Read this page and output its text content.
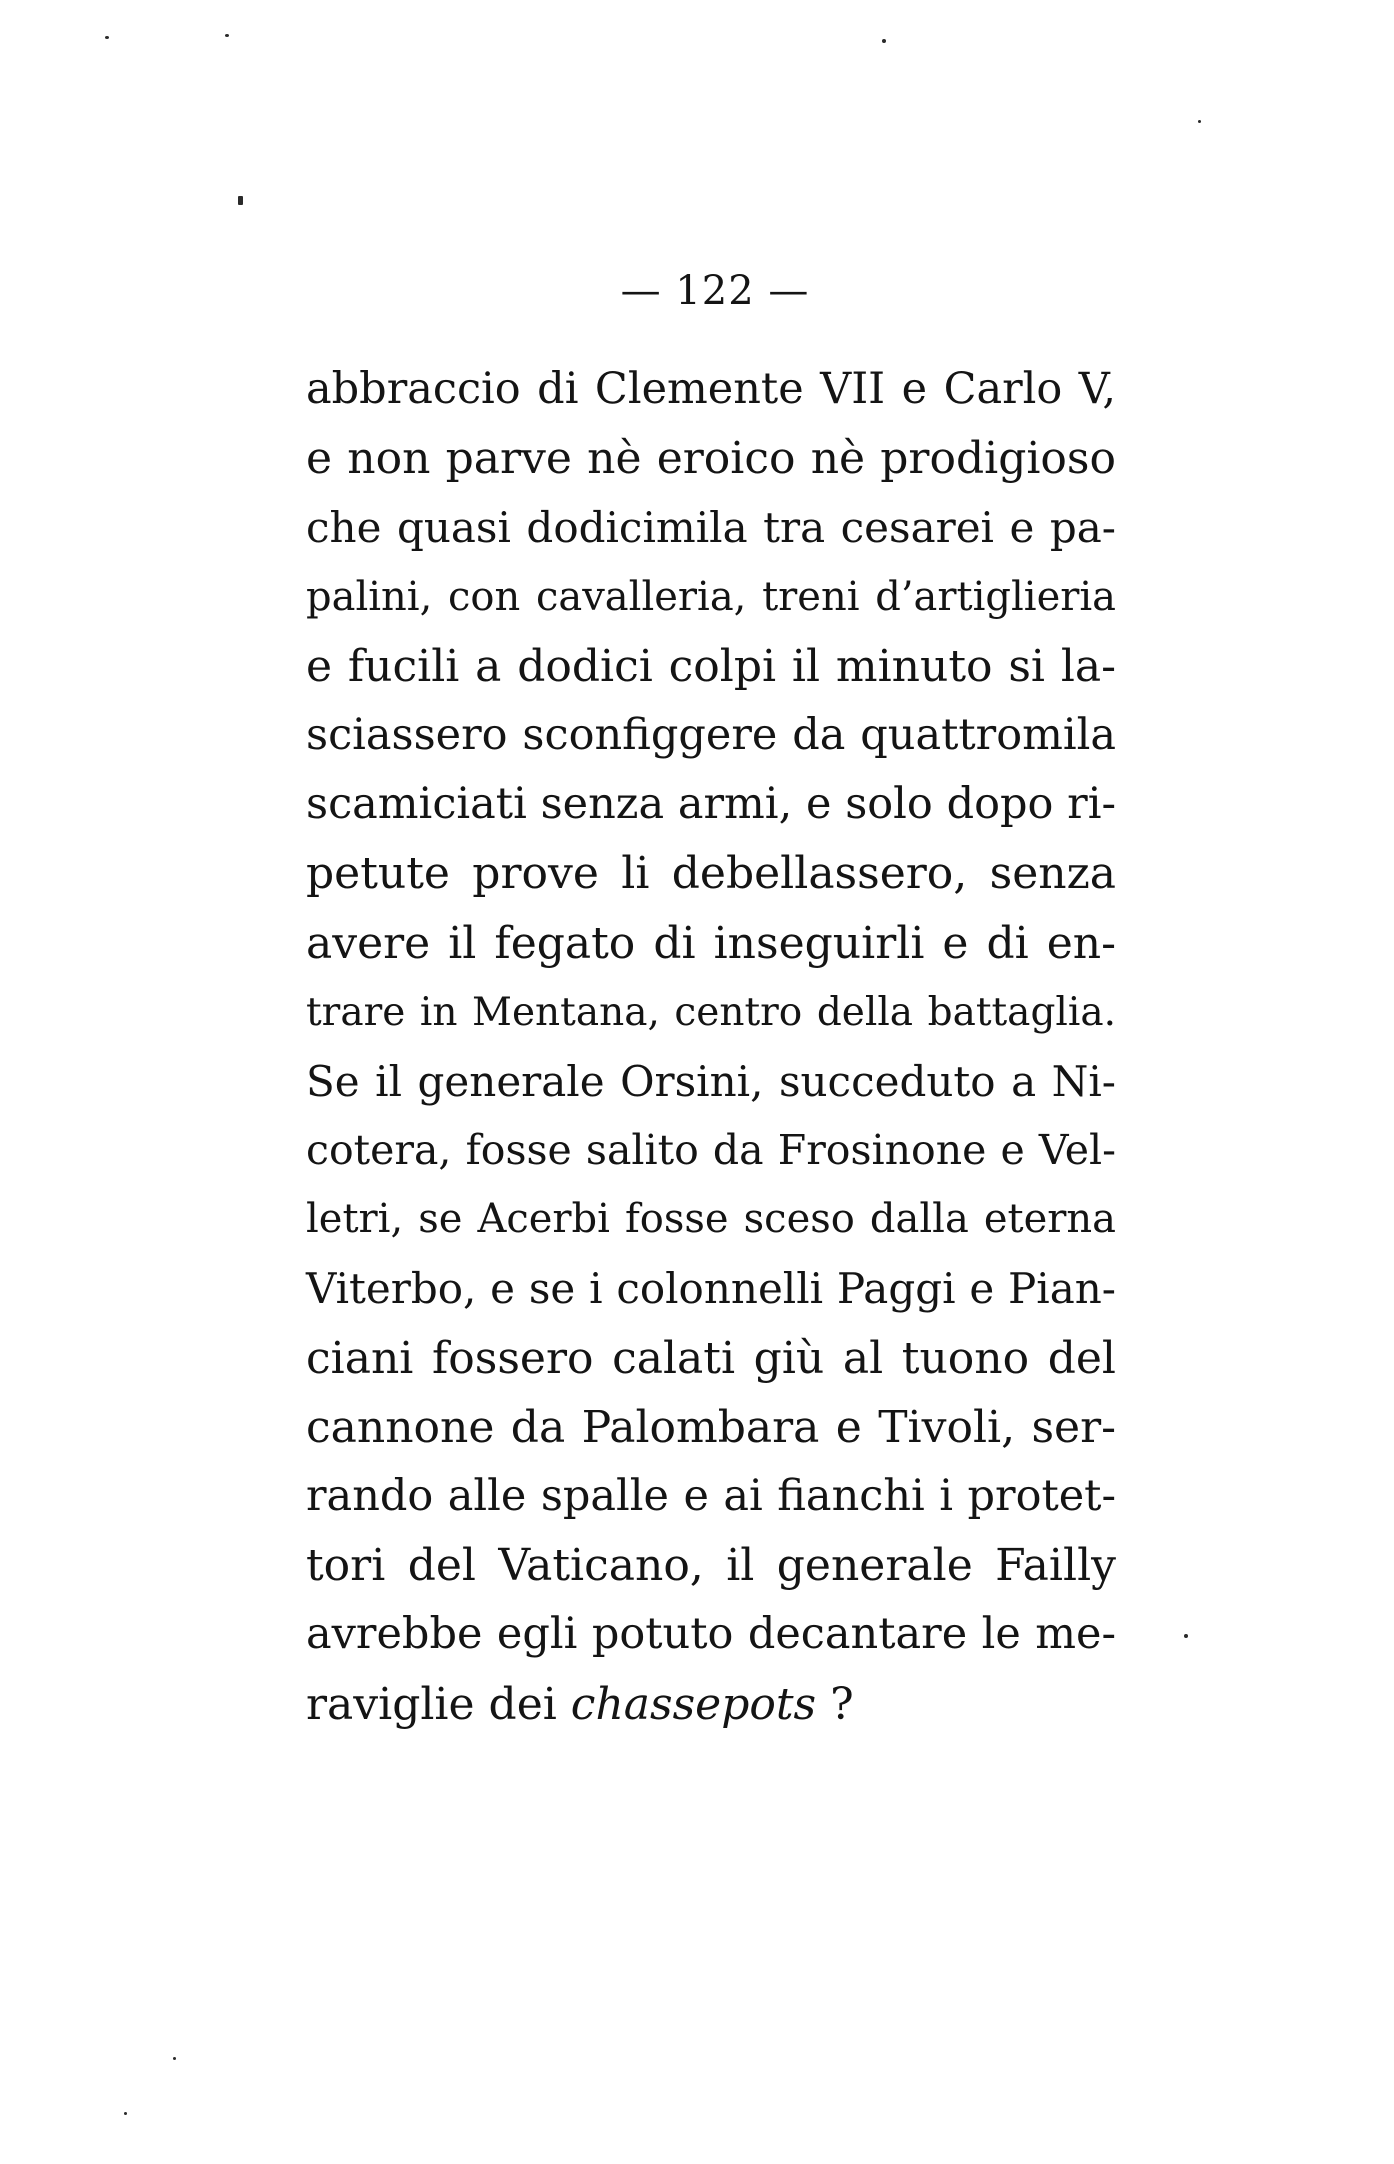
— 122 —
abbraccio di Clemente VII e Carlo V,
e non parve nè eroico nè prodigioso
che quasi dodicimila tra cesarei e pa-
palini, con cavalleria, treni d’artiglieria
e fucili a dodici colpi il minuto si la-
sciassero sconfiggere da quattromila
scamiciati senza armi, e solo dopo ri-
petute prove li debellassero, senza
avere il fegato di inseguirli e di en-
trare in Mentana, centro della battaglia.
Se il generale Orsini, succeduto a Ni-
cotera, fosse salito da Frosinone e Vel-
letri, se Acerbi fosse sceso dalla eterna
Viterbo, e se i colonnelli Paggi e Pian-
ciani fossero calati giù al tuono del
cannone da Palombara e Tivoli, ser-
rando alle spalle e ai fianchi i protet-
tori del Vaticano, il generale Failly
avrebbe egli potuto decantare le me-
raviglie dei chassepots ?
